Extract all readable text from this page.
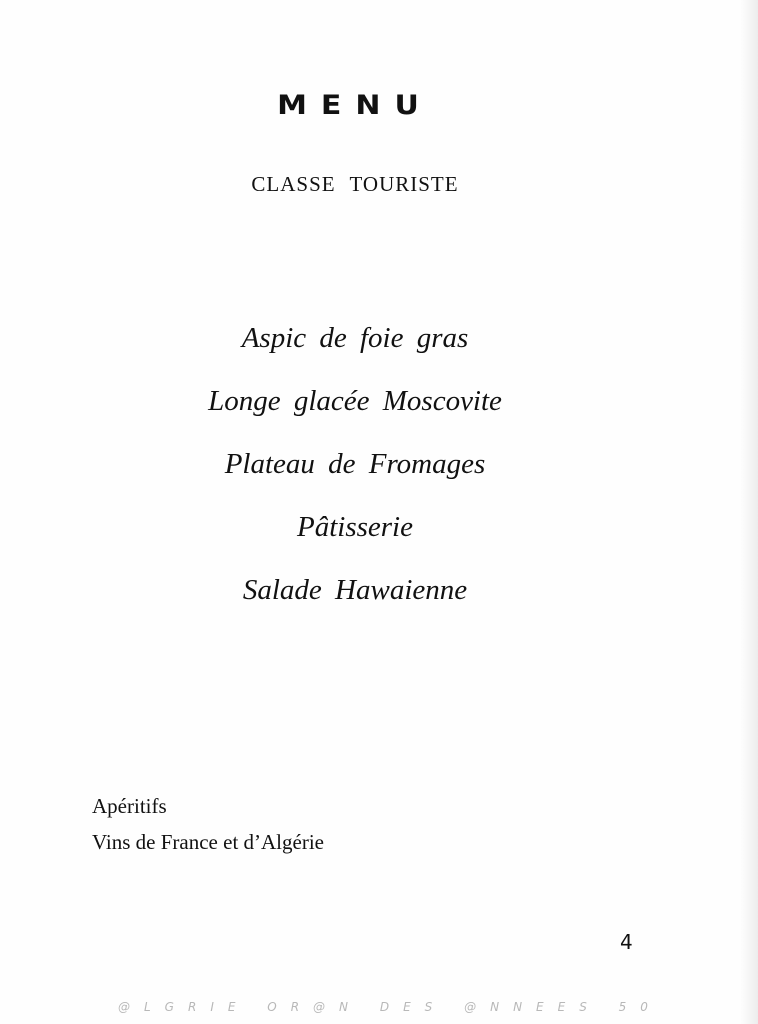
MENU
CLASSE TOURISTE
Aspic de foie gras
Longe glacée Moscovite
Plateau de Fromages
Pâtisserie
Salade Hawaienne
Apéritifs
Vins de France et d’Algérie
4
@LGRIE OR@N DES @NNEES 50
